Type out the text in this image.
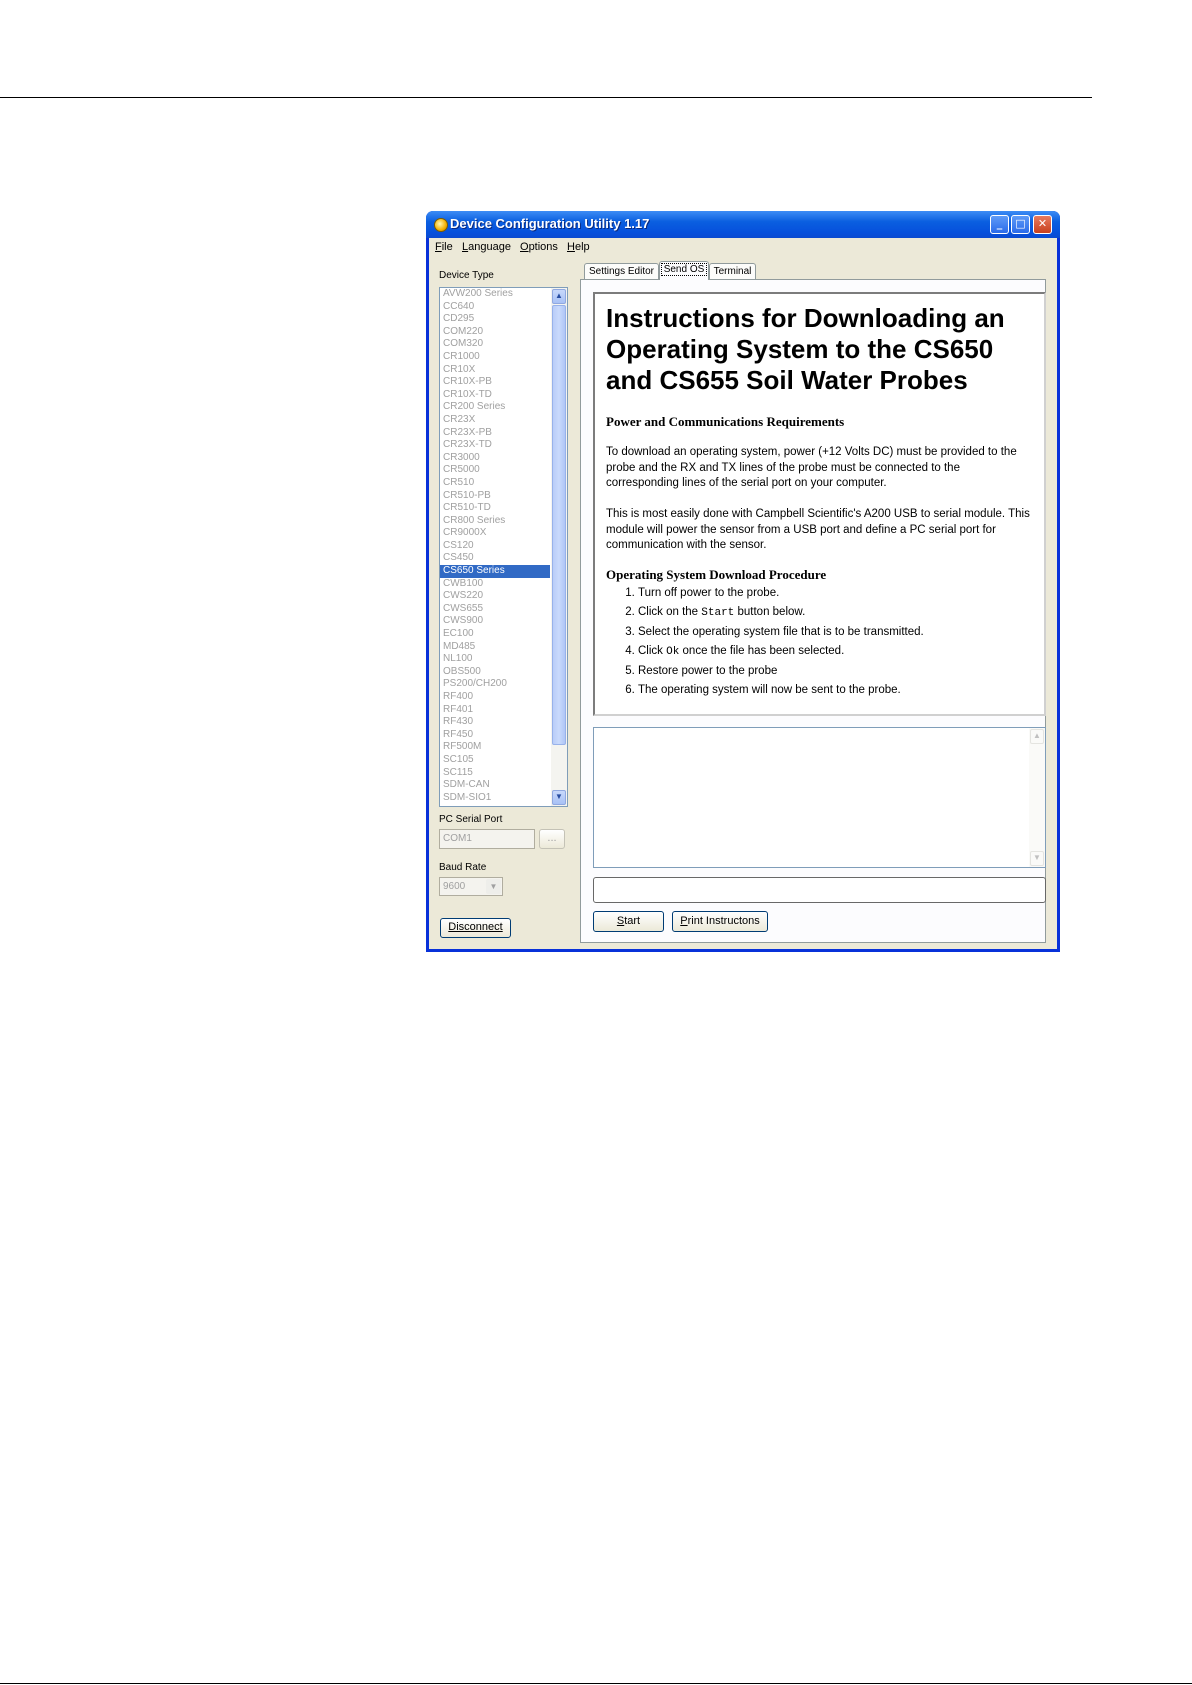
Device Configuration Utility 1.17	_	□	✕
File Language Options Help
Device Type
AVW200 Series
CC640
CD295
COM220
COM320
CR1000
CR10X
CR10X-PB
CR10X-TD
CR200 Series
CR23X
CR23X-PB
CR23X-TD
CR3000
CR5000
CR510
CR510-PB
CR510-TD
CR800 Series
CR9000X
CS120
CS450
CS650 Series
CWB100
CWS220
CWS655
CWS900
EC100
MD485
NL100
OBS500
PS200/CH200
RF400
RF401
RF430
RF450
RF500M
SC105
SC115
SDM-CAN
SDM-SIO1
▲
▼
PC Serial Port
COM1	...
Baud Rate
9600	▼
Disconnect
Settings Editor Send OS Terminal
Instructions for Downloading an Operating System to the CS650 and CS655 Soil Water Probes
Power and Communications Requirements
To download an operating system, power (+12 Volts DC) must be provided to the probe and the RX and TX lines of the probe must be connected to the corresponding lines of the serial port on your computer.
This is most easily done with Campbell Scientific's A200 USB to serial module. This module will power the sensor from a USB port and define a PC serial port for communication with the sensor.
Operating System Download Procedure
1. Turn off power to the probe.
2. Click on the Start button below.
3. Select the operating system file that is to be transmitted.
4. Click Ok once the file has been selected.
5. Restore power to the probe
6. The operating system will now be sent to the probe.
▲
▼
Start	Print Instructons
